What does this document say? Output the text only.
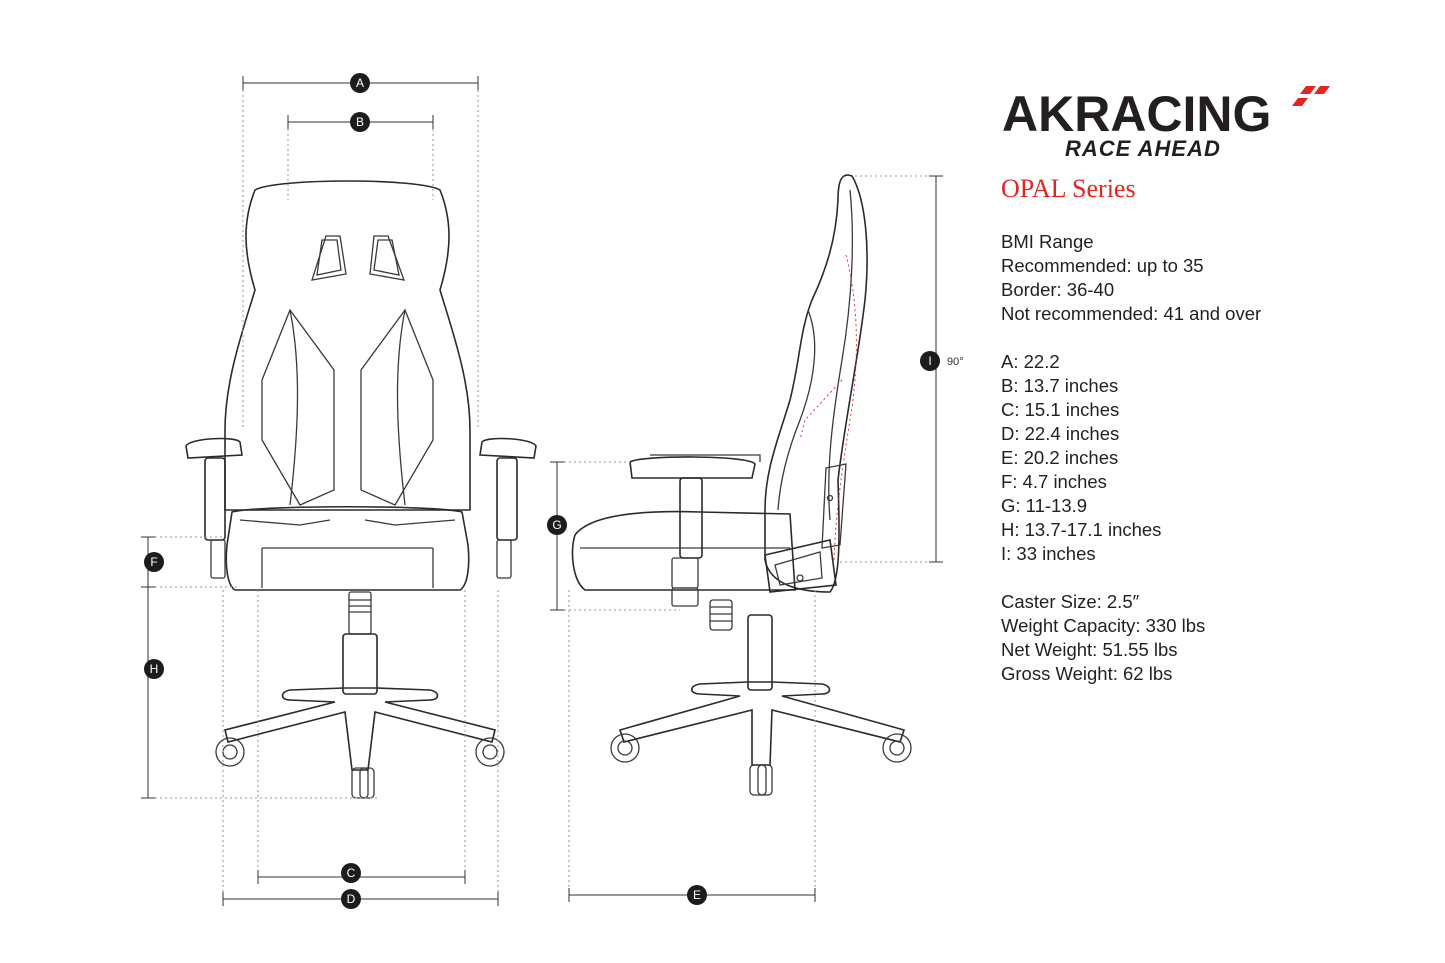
90°
A
B
C
D	E
F
G
H
I
AKRACING
RACE AHEAD
OPAL Series
BMI Range
Recommended: up to 35
Border: 36-40
Not recommended: 41 and over
A: 22.2
B: 13.7 inches
C: 15.1 inches
D: 22.4 inches
E: 20.2 inches
F: 4.7 inches
G: 11-13.9
H: 13.7-17.1 inches
I: 33 inches
Caster Size: 2.5″
Weight Capacity: 330 lbs
Net Weight: 51.55 lbs
Gross Weight: 62 lbs
